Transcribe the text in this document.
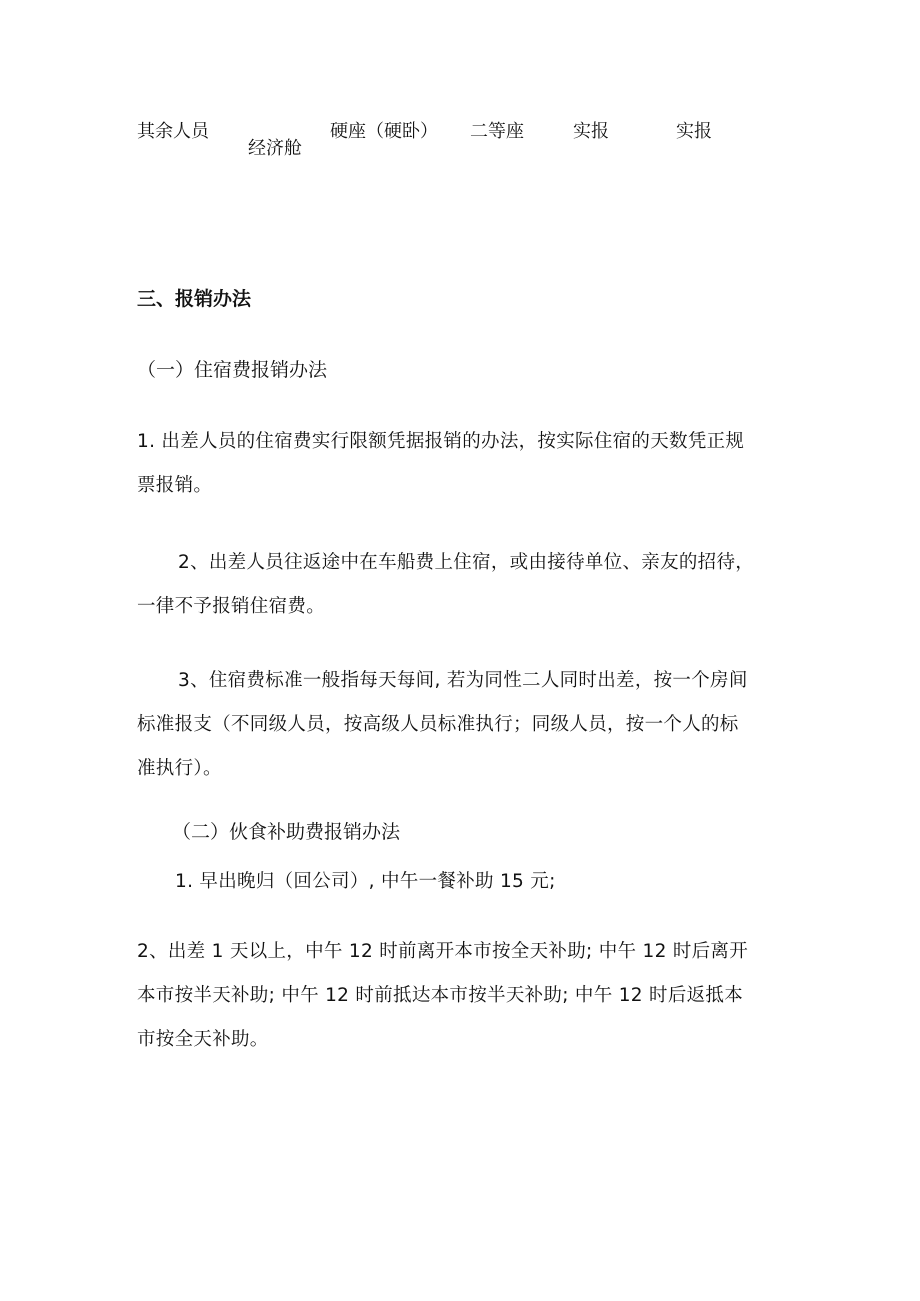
其余人员
经济舱
硬座（硬卧） 二等座	实报	实报
三、报销办法
（一）住宿费报销办法
1. 出差人员的住宿费实行限额凭据报销的办法，按实际住宿的天数凭正规
票报销。
2、出差人员往返途中在车船费上住宿，或由接待单位、亲友的招待，
一律不予报销住宿费。
3、住宿费标准一般指每天每间, 若为同性二人同时出差，按一个房间
标准报支（不同级人员，按高级人员标准执行；同级人员，按一个人的标
准执行）。
（二）伙食补助费报销办法
1. 早出晚归（回公司）, 中午一餐补助 15 元;
2、出差 1 天以上，中午 12 时前离开本市按全天补助; 中午 12 时后离开
本市按半天补助; 中午 12 时前抵达本市按半天补助; 中午 12 时后返抵本
市按全天补助。
